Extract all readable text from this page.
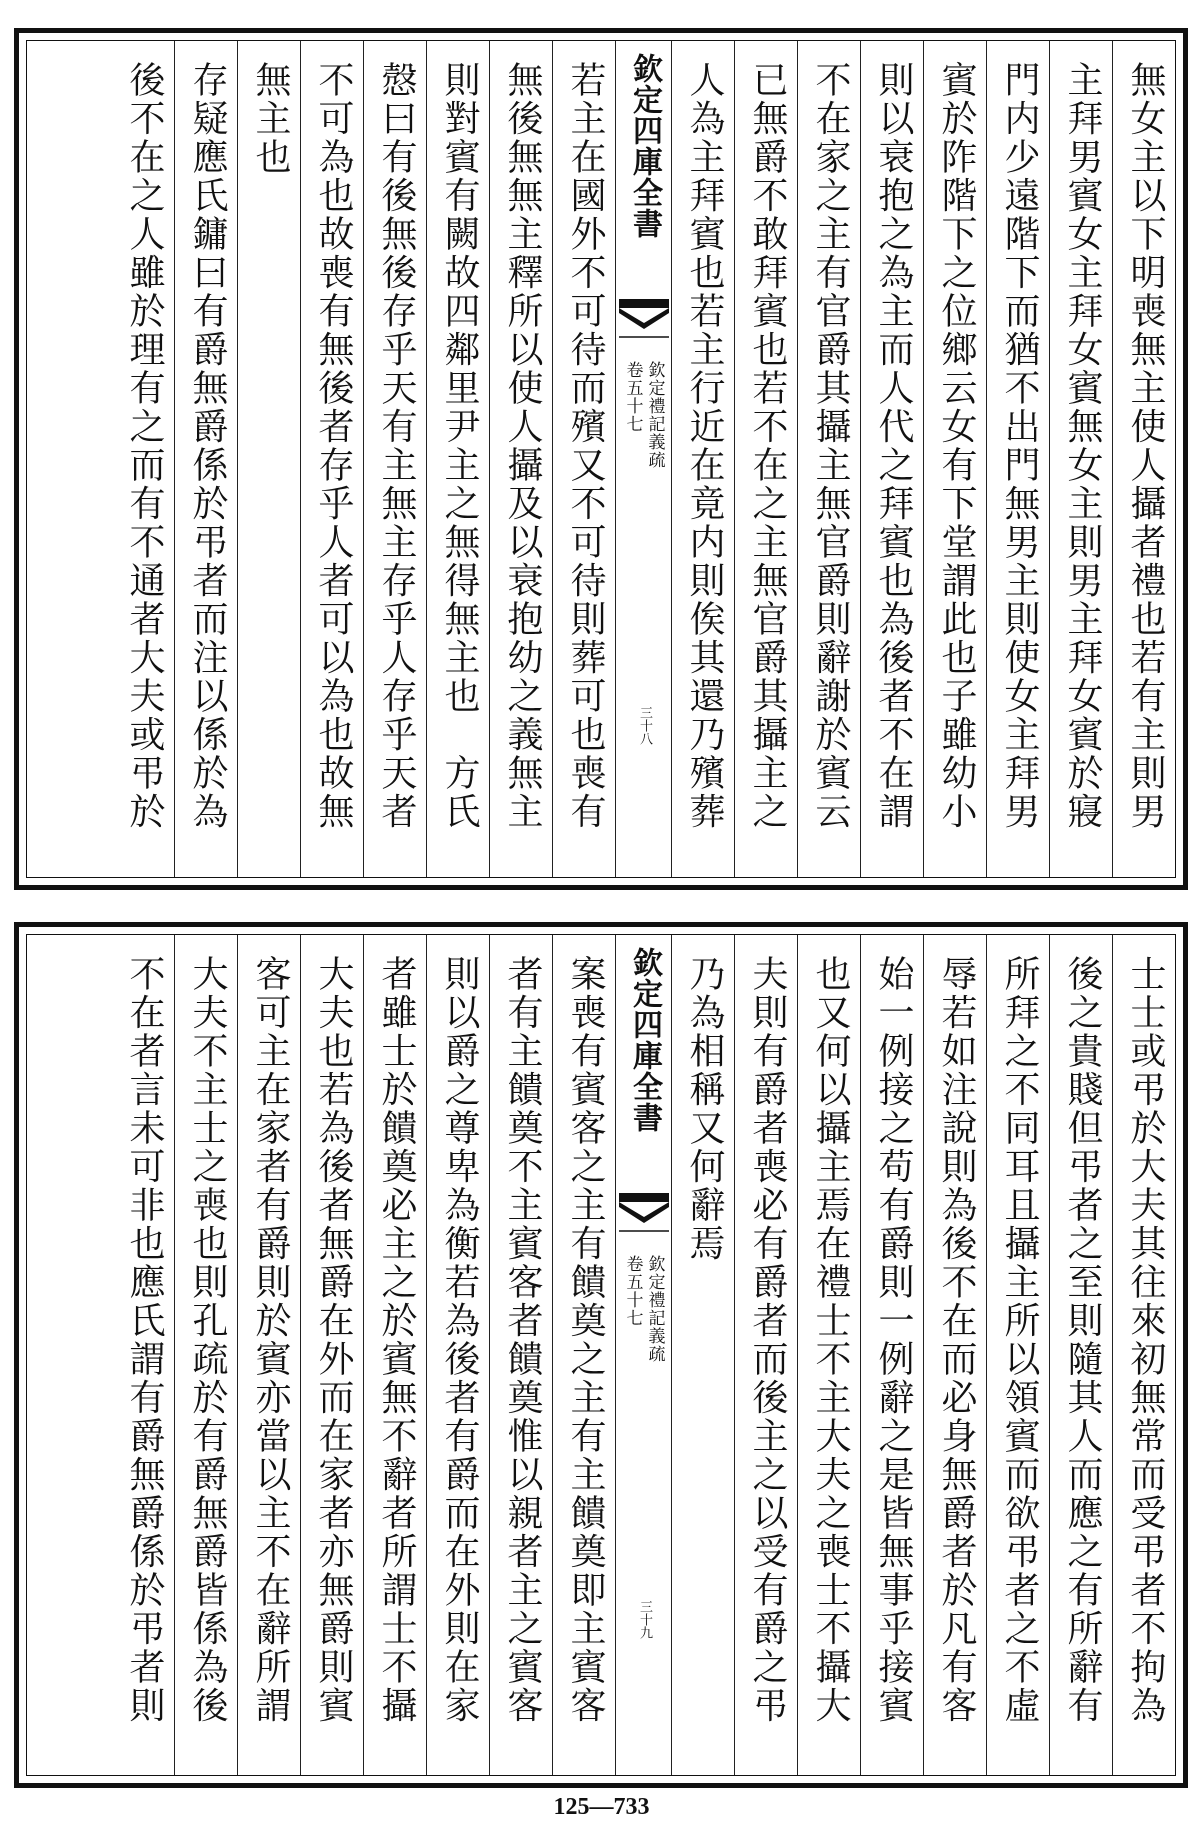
無女主以下明喪無主使人攝者禮也若有主則男
主拜男賓女主拜女賓無女主則男主拜女賓於寢
門内少遠階下而猶不出門無男主則使女主拜男
賓於阼階下之位鄉云女有下堂謂此也子雖幼小
則以衰抱之為主而人代之拜賓也為後者不在謂
不在家之主有官爵其攝主無官爵則辭謝於賓云
已無爵不敢拜賓也若不在之主無官爵其攝主之
人為主拜賓也若主行近在竟内則俟其還乃殯葬
欽定四庫全書
欽定禮記義疏
卷五十七
三十八
若主在國外不可待而殯又不可待則葬可也喪有
無後無無主釋所以使人攝及以衰抱幼之義無主
則對賓有闕故四鄰里尹主之無得無主也　方氏
慤曰有後無後存乎天有主無主存乎人存乎天者
不可為也故喪有無後者存乎人者可以為也故無
無主也
存疑應氏鏞曰有爵無爵係於弔者而注以係於為
後不在之人雖於理有之而有不通者大夫或弔於
士士或弔於大夫其往來初無常而受弔者不拘為
後之貴賤但弔者之至則隨其人而應之有所辭有
所拜之不同耳且攝主所以領賓而欲弔者之不虛
辱若如注說則為後不在而必身無爵者於凡有客
始一例接之苟有爵則一例辭之是皆無事乎接賓
也又何以攝主焉在禮士不主大夫之喪士不攝大
夫則有爵者喪必有爵者而後主之以受有爵之弔
乃為相稱又何辭焉
欽定四庫全書
欽定禮記義疏
卷五十七
三十九
案喪有賓客之主有饋奠之主有主饋奠即主賓客
者有主饋奠不主賓客者饋奠惟以親者主之賓客
則以爵之尊卑為衡若為後者有爵而在外則在家
者雖士於饋奠必主之於賓無不辭者所謂士不攝
大夫也若為後者無爵在外而在家者亦無爵則賓
客可主在家者有爵則於賓亦當以主不在辭所謂
大夫不主士之喪也則孔疏於有爵無爵皆係為後
不在者言未可非也應氏謂有爵無爵係於弔者則
125—733
